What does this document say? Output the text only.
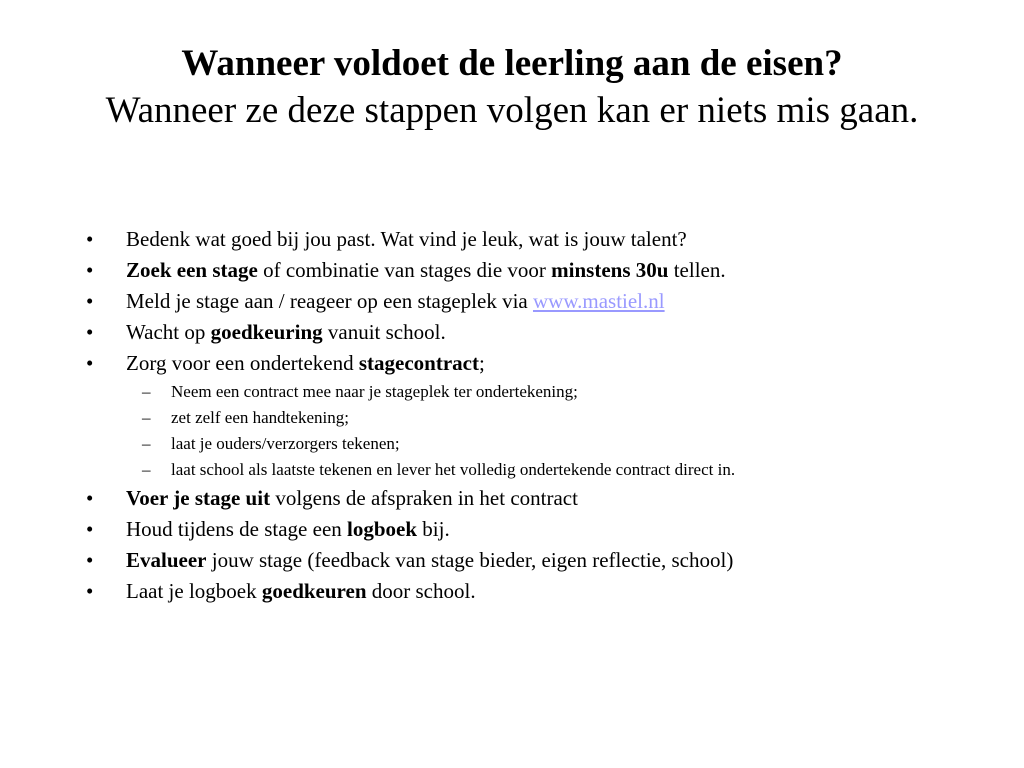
Wanneer voldoet de leerling aan de eisen?
Wanneer ze deze stappen volgen kan er niets mis gaan.
• Bedenk wat goed bij jou past. Wat vind je leuk, wat is jouw talent?
• Zoek een stage of combinatie van stages die voor minstens 30u tellen.
• Meld je stage aan / reageer op een stageplek via www.mastiel.nl
• Wacht op goedkeuring vanuit school.
• Zorg voor een ondertekend stagecontract;
– Neem een contract mee naar je stageplek ter ondertekening;
– zet zelf een handtekening;
– laat je ouders/verzorgers tekenen;
– laat school als laatste tekenen en lever het volledig ondertekende contract direct in.
• Voer je stage uit volgens de afspraken in het contract
• Houd tijdens de stage een logboek bij.
• Evalueer jouw stage (feedback van stage bieder, eigen reflectie, school)
• Laat je logboek goedkeuren door school.
